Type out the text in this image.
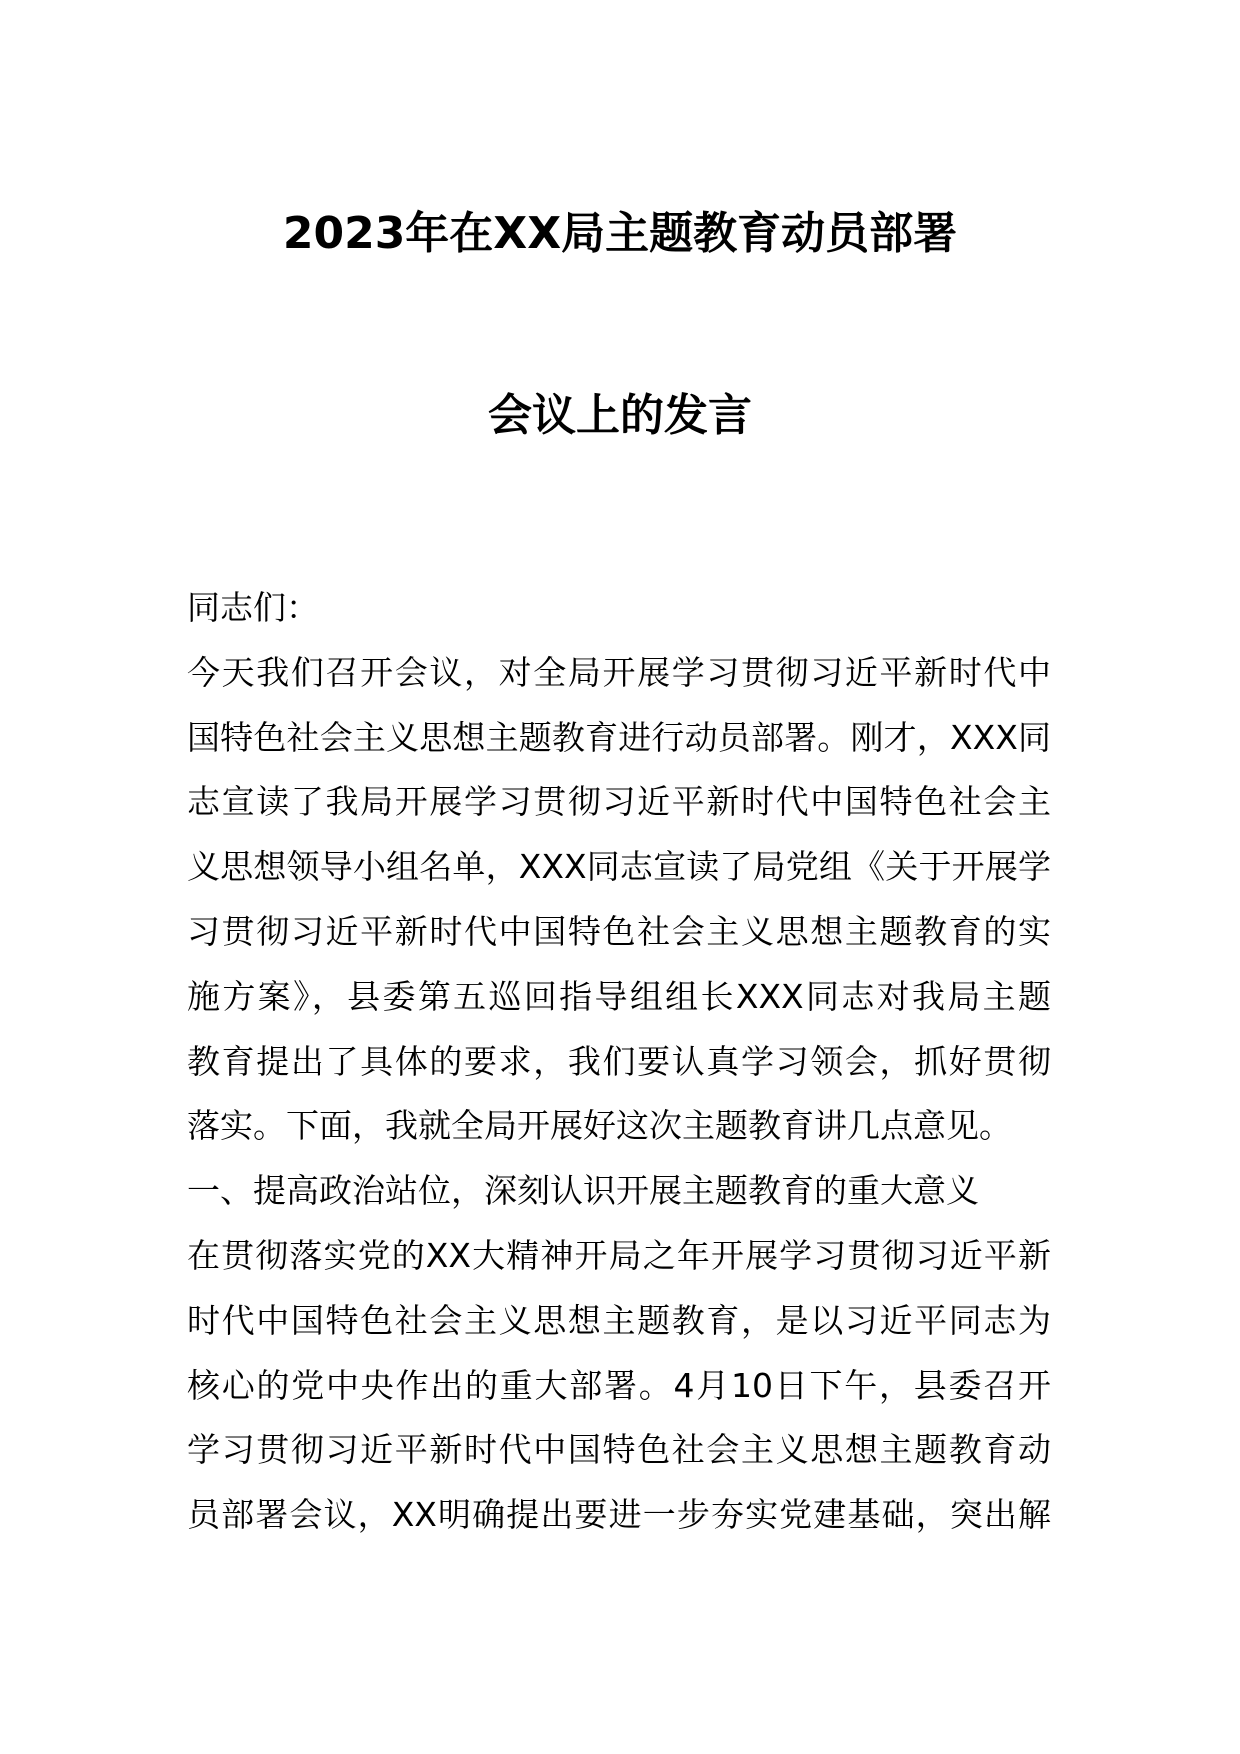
2023年在XX局主题教育动员部署
会议上的发言
同志们：
今天我们召开会议，对全局开展学习贯彻习近平新时代中
国特色社会主义思想主题教育进行动员部署。刚才，XXX同
志宣读了我局开展学习贯彻习近平新时代中国特色社会主
义思想领导小组名单，XXX同志宣读了局党组《关于开展学
习贯彻习近平新时代中国特色社会主义思想主题教育的实
施方案》，县委第五巡回指导组组长XXX同志对我局主题
教育提出了具体的要求，我们要认真学习领会，抓好贯彻
落实。下面，我就全局开展好这次主题教育讲几点意见。
一、提高政治站位，深刻认识开展主题教育的重大意义
在贯彻落实党的XX大精神开局之年开展学习贯彻习近平新
时代中国特色社会主义思想主题教育，是以习近平同志为
核心的党中央作出的重大部署。4月10日下午，县委召开
学习贯彻习近平新时代中国特色社会主义思想主题教育动
员部署会议，XX明确提出要进一步夯实党建基础，突出解
